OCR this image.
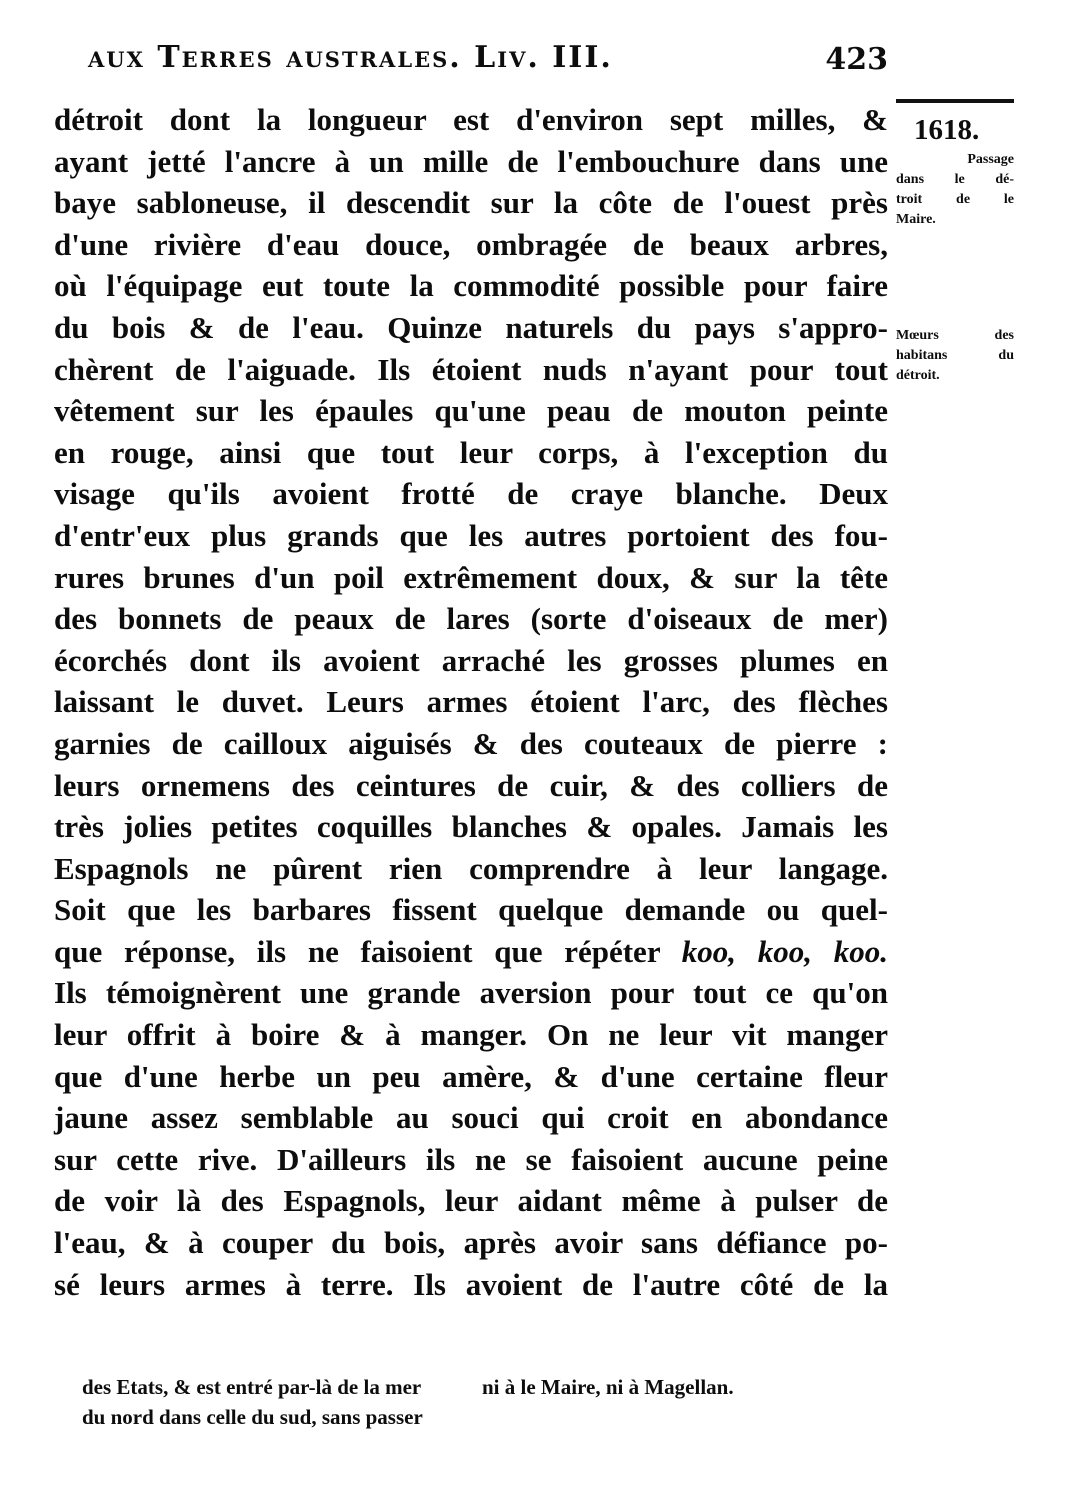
aux Terres australes. Liv. III.	423
1618.
Passage
dans le dé-
troit de le
Maire.
Mœurs des
habitans du
détroit.
détroit dont la longueur est d'environ sept milles, &
ayant jetté l'ancre à un mille de l'embouchure dans une
baye sabloneuse, il descendit sur la côte de l'ouest près
d'une rivière d'eau douce, ombragée de beaux arbres,
où l'équipage eut toute la commodité possible pour faire
du bois & de l'eau. Quinze naturels du pays s'appro-
chèrent de l'aiguade. Ils étoient nuds n'ayant pour tout
vêtement sur les épaules qu'une peau de mouton peinte
en rouge, ainsi que tout leur corps, à l'exception du
visage qu'ils avoient frotté de craye blanche. Deux
d'entr'eux plus grands que les autres portoient des fou-
rures brunes d'un poil extrêmement doux, & sur la tête
des bonnets de peaux de lares (sorte d'oiseaux de mer)
écorchés dont ils avoient arraché les grosses plumes en
laissant le duvet. Leurs armes étoient l'arc, des flèches
garnies de cailloux aiguisés & des couteaux de pierre :
leurs ornemens des ceintures de cuir, & des colliers de
très jolies petites coquilles blanches & opales. Jamais les
Espagnols ne pûrent rien comprendre à leur langage.
Soit que les barbares fissent quelque demande ou quel-
que réponse, ils ne faisoient que répéter koo, koo, koo.
Ils témoignèrent une grande aversion pour tout ce qu'on
leur offrit à boire & à manger. On ne leur vit manger
que d'une herbe un peu amère, & d'une certaine fleur
jaune assez semblable au souci qui croit en abondance
sur cette rive. D'ailleurs ils ne se faisoient aucune peine
de voir là des Espagnols, leur aidant même à pulser de
l'eau, & à couper du bois, après avoir sans défiance po-
sé leurs armes à terre. Ils avoient de l'autre côté de la
des Etats, & est entré par-là de la mer
du nord dans celle du sud, sans passer
ni à le Maire, ni à Magellan.
